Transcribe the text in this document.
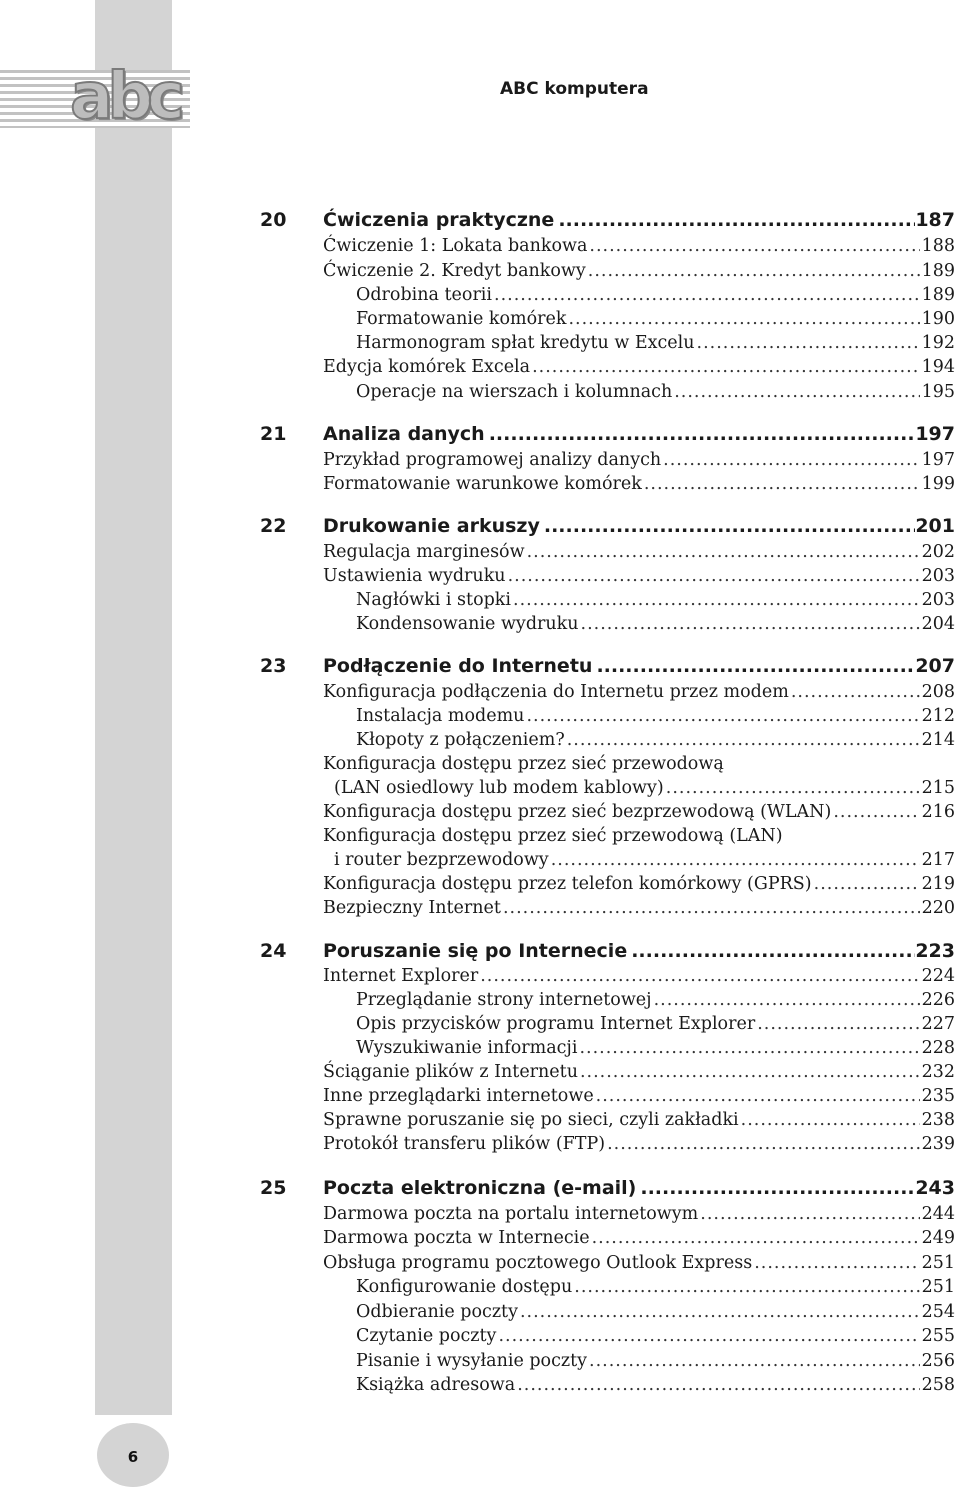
abc	ABC komputera
20	Ćwiczenia praktyczne .....	187
Ćwiczenie 1: Lokata bankowa .....	188
Ćwiczenie 2. Kredyt bankowy .....	189
Odrobina teorii .....	189
Formatowanie komórek .....	190
Harmonogram spłat kredytu w Excelu .....	192
Edycja komórek Excela .....	194
Operacje na wierszach i kolumnach .....	195
21	Analiza danych .....	197
Przykład programowej analizy danych .....	197
Formatowanie warunkowe komórek .....	199
22	Drukowanie arkuszy .....	201
Regulacja marginesów .....	202
Ustawienia wydruku .....	203
Nagłówki i stopki .....	203
Kondensowanie wydruku .....	204
23	Podłączenie do Internetu .....	207
Konfiguracja podłączenia do Internetu przez modem .....	208
Instalacja modemu .....	212
Kłopoty z połączeniem? .....	214
Konfiguracja dostępu przez sieć przewodową
(LAN osiedlowy lub modem kablowy) .....	215
Konfiguracja dostępu przez sieć bezprzewodową (WLAN) .....	216
Konfiguracja dostępu przez sieć przewodową (LAN)
i router bezprzewodowy .....	217
Konfiguracja dostępu przez telefon komórkowy (GPRS) .....	219
Bezpieczny Internet .....	220
24	Poruszanie się po Internecie .....	223
Internet Explorer .....	224
Przeglądanie strony internetowej .....	226
Opis przycisków programu Internet Explorer .....	227
Wyszukiwanie informacji .....	228
Ściąganie plików z Internetu .....	232
Inne przeglądarki internetowe .....	235
Sprawne poruszanie się po sieci, czyli zakładki .....	238
Protokół transferu plików (FTP) .....	239
25	Poczta elektroniczna (e-mail) .....	243
Darmowa poczta na portalu internetowym .....	244
Darmowa poczta w Internecie .....	249
Obsługa programu pocztowego Outlook Express .....	251
Konfigurowanie dostępu .....	251
Odbieranie poczty .....	254
Czytanie poczty .....	255
Pisanie i wysyłanie poczty .....	256
Książka adresowa .....	258
6
